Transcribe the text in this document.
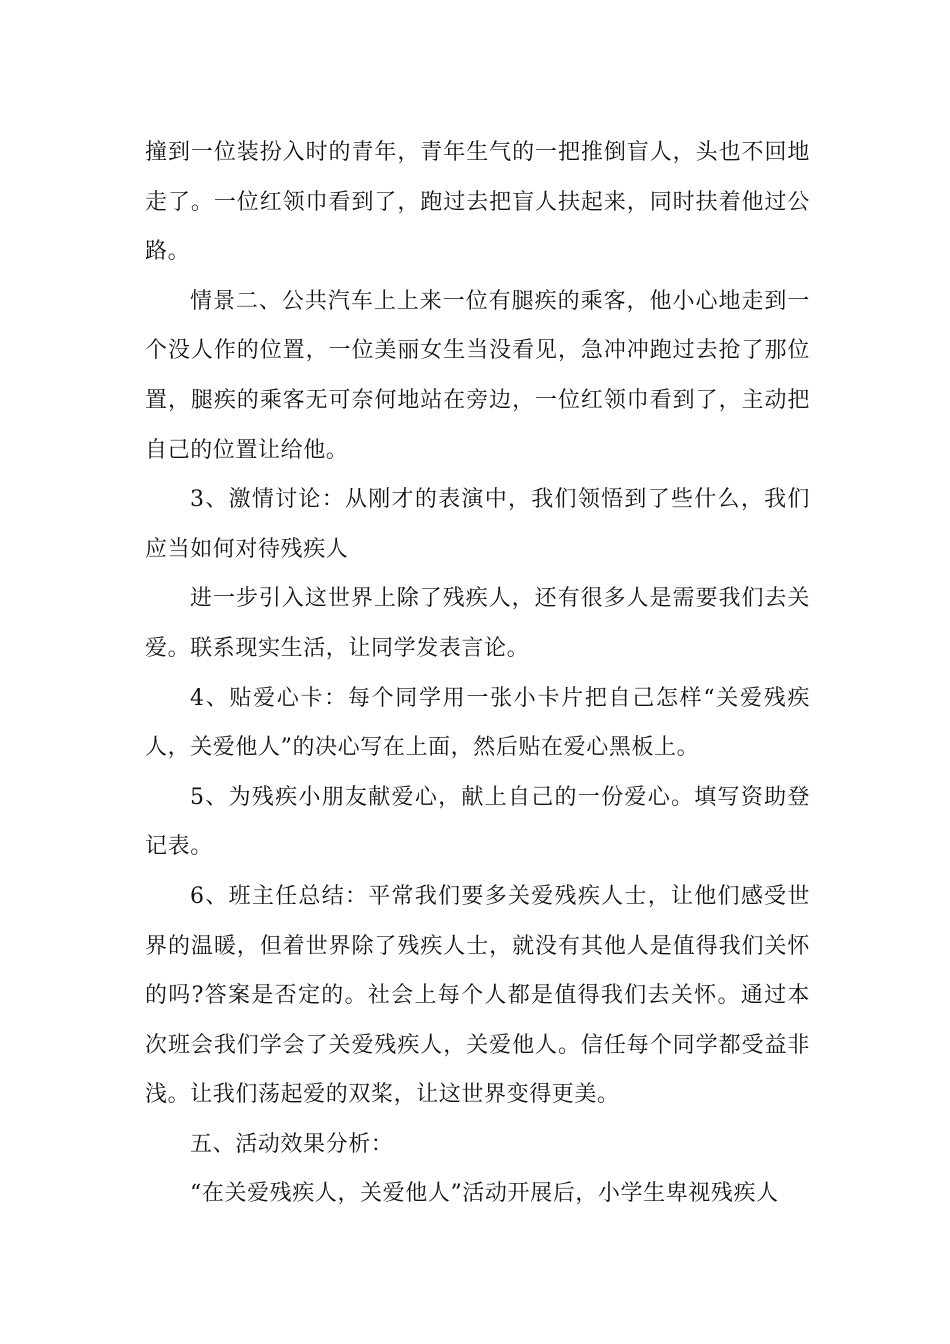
撞到一位装扮入时的青年，青年生气的一把推倒盲人，头也不回地走了。一位红领巾看到了，跑过去把盲人扶起来，同时扶着他过公路。

情景二、公共汽车上上来一位有腿疾的乘客，他小心地走到一个没人作的位置，一位美丽女生当没看见，急冲冲跑过去抢了那位置，腿疾的乘客无可奈何地站在旁边，一位红领巾看到了，主动把自己的位置让给他。

3、激情讨论：从刚才的表演中，我们领悟到了些什么，我们应当如何对待残疾人

进一步引入这世界上除了残疾人，还有很多人是需要我们去关爱。联系现实生活，让同学发表言论。

4、贴爱心卡：每个同学用一张小卡片把自己怎样“关爱残疾人，关爱他人”的决心写在上面，然后贴在爱心黑板上。

5、为残疾小朋友献爱心，献上自己的一份爱心。填写资助登记表。

6、班主任总结：平常我们要多关爱残疾人士，让他们感受世界的温暖，但着世界除了残疾人士，就没有其他人是值得我们关怀的吗?答案是否定的。社会上每个人都是值得我们去关怀。通过本次班会我们学会了关爱残疾人，关爱他人。信任每个同学都受益非浅。让我们荡起爱的双桨，让这世界变得更美。

五、活动效果分析：

“在关爱残疾人，关爱他人”活动开展后，小学生卑视残疾人
